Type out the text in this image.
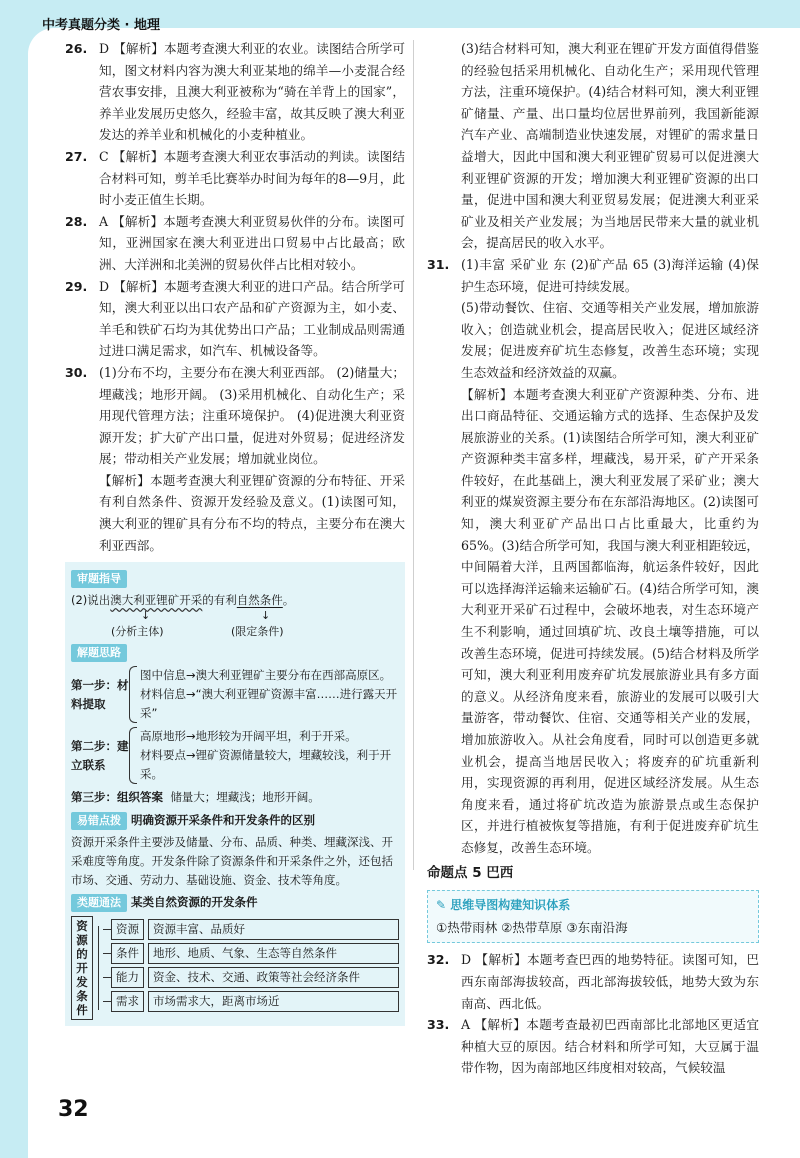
中考真题分类 · 地理

26. D 【解析】本题考查澳大利亚的农业。读图结合所学可知，图文材料内容为澳大利亚某地的绵羊—小麦混合经营农事安排，且澳大利亚被称为“骑在羊背上的国家”，养羊业发展历史悠久，经验丰富，故其反映了澳大利亚发达的养羊业和机械化的小麦种植业。

27. C 【解析】本题考查澳大利亚农事活动的判读。读图结合材料可知，剪羊毛比赛举办时间为每年的8—9月，此时小麦正值生长期。

28. A 【解析】本题考查澳大利亚贸易伙伴的分布。读图可知，亚洲国家在澳大利亚进出口贸易中占比最高；欧洲、大洋洲和北美洲的贸易伙伴占比相对较小。

29. D 【解析】本题考查澳大利亚的进口产品。结合所学可知，澳大利亚以出口农产品和矿产资源为主，如小麦、羊毛和铁矿石均为其优势出口产品；工业制成品则需通过进口满足需求，如汽车、机械设备等。

30. (1)分布不均，主要分布在澳大利亚西部。 (2)储量大；埋藏浅；地形开阔。 (3)采用机械化、自动化生产；采用现代管理方法；注重环境保护。 (4)促进澳大利亚资源开发；扩大矿产出口量，促进对外贸易；促进经济发展；带动相关产业发展；增加就业岗位。

【解析】本题考查澳大利亚锂矿资源的分布特征、开采有利自然条件、资源开发经验及意义。(1)读图可知，澳大利亚的锂矿具有分布不均的特点，主要分布在澳大利亚西部。

审题指导
(2)说出澳大利亚锂矿开采的有利自然条件。
↓	↓
(分析主体)	(限定条件)
解题思路
第一步：材料提取
图中信息→澳大利亚锂矿主要分布在西部高原区。
材料信息→“澳大利亚锂矿资源丰富……进行露天开采”
第二步：建立联系
高原地形→地形较为开阔平坦，利于开采。
材料要点→锂矿资源储量较大，埋藏较浅，利于开采。
第三步：组织答案
储量大；埋藏浅；地形开阔。
易错点拨 明确资源开采条件和开发条件的区别
资源开采条件主要涉及储量、分布、品质、种类、埋藏深浅、开采难度等角度。开发条件除了资源条件和开采条件之外，还包括市场、交通、劳动力、基础设施、资金、技术等角度。
类题通法 某类自然资源的开发条件
资源的开发条件
资源	资源丰富、品质好
条件	地形、地质、气象、生态等自然条件
能力	资金、技术、交通、政策等社会经济条件
需求	市场需求大，距离市场近

(3)结合材料可知，澳大利亚在锂矿开发方面值得借鉴的经验包括采用机械化、自动化生产；采用现代管理方法，注重环境保护。(4)结合材料可知，澳大利亚锂矿储量、产量、出口量均位居世界前列，我国新能源汽车产业、高端制造业快速发展，对锂矿的需求量日益增大，因此中国和澳大利亚锂矿贸易可以促进澳大利亚锂矿资源的开发；增加澳大利亚锂矿资源的出口量，促进中国和澳大利亚贸易发展；促进澳大利亚采矿业及相关产业发展；为当地居民带来大量的就业机会，提高居民的收入水平。

31. (1)丰富 采矿业 东 (2)矿产品 65 (3)海洋运输 (4)保护生态环境，促进可持续发展。

(5)带动餐饮、住宿、交通等相关产业发展，增加旅游收入；创造就业机会，提高居民收入；促进区域经济发展；促进废弃矿坑生态修复，改善生态环境；实现生态效益和经济效益的双赢。

【解析】本题考查澳大利亚矿产资源种类、分布、进出口商品特征、交通运输方式的选择、生态保护及发展旅游业的关系。(1)读图结合所学可知，澳大利亚矿产资源种类丰富多样，埋藏浅，易开采，矿产开采条件较好，在此基础上，澳大利亚发展了采矿业；澳大利亚的煤炭资源主要分布在东部沿海地区。(2)读图可知，澳大利亚矿产品出口占比重最大，比重约为65%。(3)结合所学可知，我国与澳大利亚相距较远，中间隔着大洋，且两国都临海，航运条件较好，因此可以选择海洋运输来运输矿石。(4)结合所学可知，澳大利亚开采矿石过程中，会破坏地表，对生态环境产生不利影响，通过回填矿坑、改良土壤等措施，可以改善生态环境，促进可持续发展。(5)结合材料及所学可知，澳大利亚利用废弃矿坑发展旅游业具有多方面的意义。从经济角度来看，旅游业的发展可以吸引大量游客，带动餐饮、住宿、交通等相关产业的发展，增加旅游收入。从社会角度看，同时可以创造更多就业机会，提高当地居民收入；将废弃的矿坑重新利用，实现资源的再利用，促进区域经济发展。从生态角度来看，通过将矿坑改造为旅游景点或生态保护区，并进行植被恢复等措施，有利于促进废弃矿坑生态修复，改善生态环境。

命题点 5 巴西
✎ 思维导图构建知识体系
①热带雨林 ②热带草原 ③东南沿海

32. D 【解析】本题考查巴西的地势特征。读图可知，巴西东南部海拔较高，西北部海拔较低，地势大致为东南高、西北低。

33. A 【解析】本题考查最初巴西南部比北部地区更适宜种植大豆的原因。结合材料和所学可知，大豆属于温带作物，因为南部地区纬度相对较高，气候较温

32
